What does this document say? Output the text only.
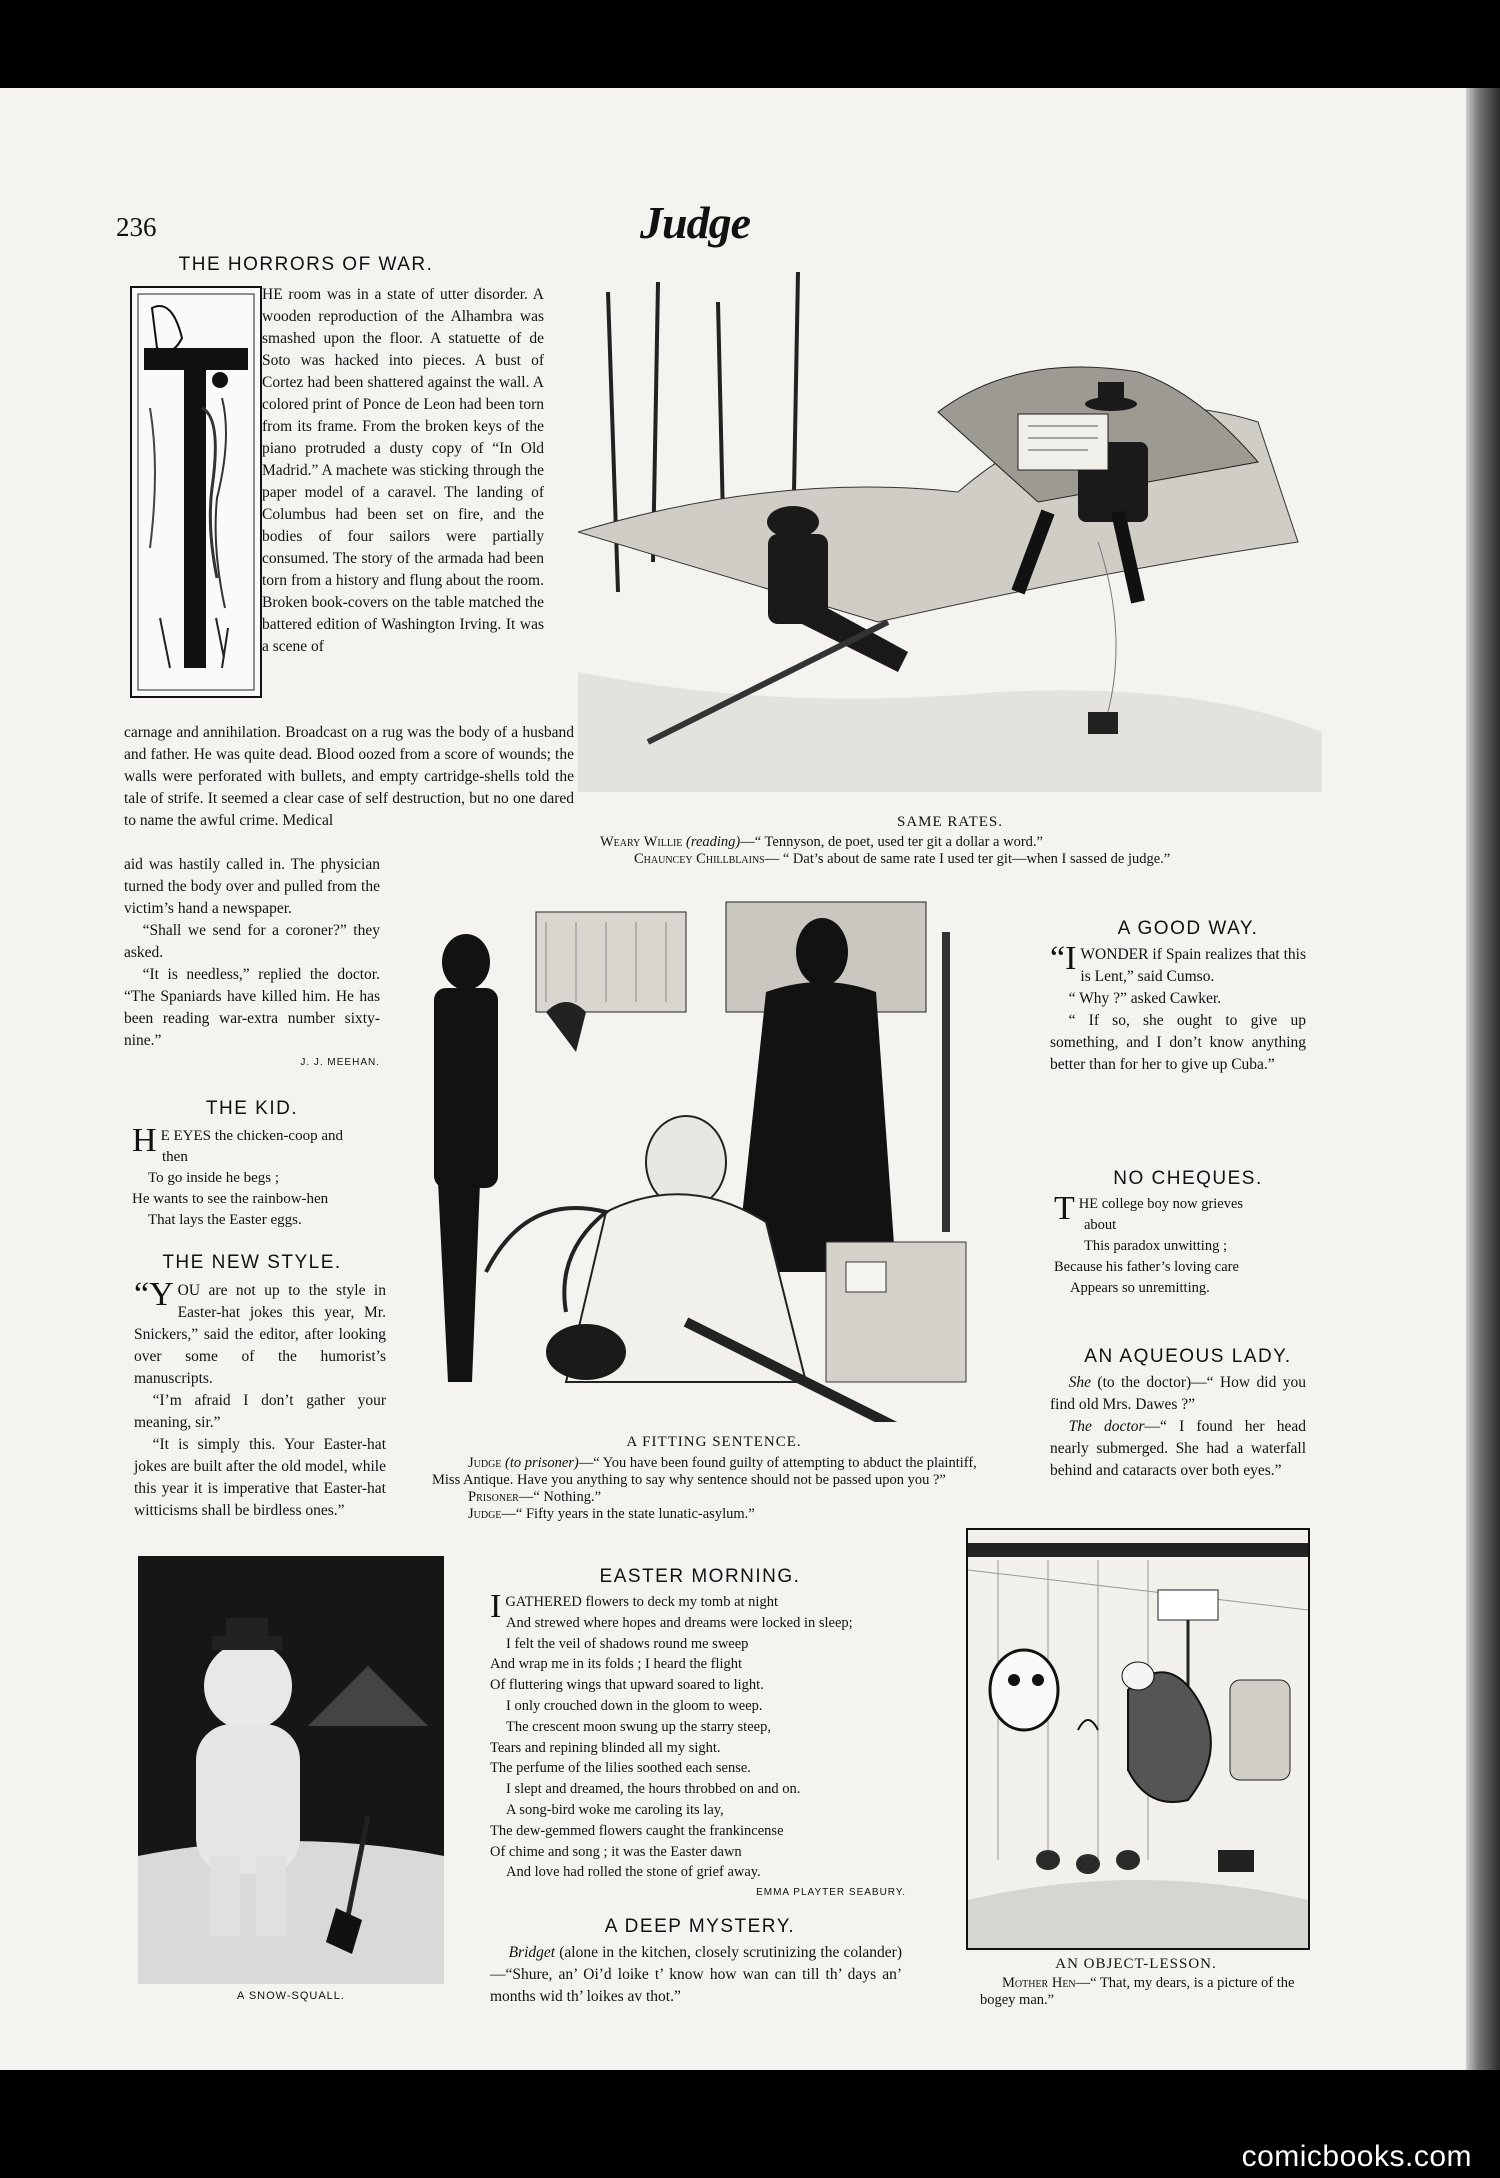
236	Judge
THE HORRORS OF WAR.

HE room was in a state of utter disorder. A wooden reproduction of the Alhambra was smashed upon the floor. A statuette of de Soto was hacked into pieces. A bust of Cortez had been shattered against the wall. A colored print of Ponce de Leon had been torn from its frame. From the broken keys of the piano protruded a dusty copy of “In Old Madrid.” A machete was sticking through the paper model of a caravel. The landing of Columbus had been set on fire, and the bodies of four sailors were partially consumed. The story of the armada had been torn from a history and flung about the room. Broken book-covers on the table matched the battered edition of Washington Irving. It was a scene of

carnage and annihilation. Broadcast on a rug was the body of a husband and father. He was quite dead. Blood oozed from a score of wounds; the walls were perforated with bullets, and empty cartridge-shells told the tale of strife. It seemed a clear case of self destruction, but no one dared to name the awful crime. Medical

aid was hastily called in. The physician turned the body over and pulled from the victim’s hand a newspaper.

“Shall we send for a coroner?” they asked.

“It is needless,” replied the doctor. “The Spaniards have killed him. He has been reading war-extra number sixty-nine.”

J. J. MEEHAN.
THE KID.
H E EYES the chicken-coop and
then
To go inside he begs ;
He wants to see the rainbow-hen
That lays the Easter eggs.
THE NEW STYLE.

“YOU are not up to the style in Easter-hat jokes this year, Mr. Snickers,” said the editor, after looking over some of the humorist’s manuscripts.

“I’m afraid I don’t gather your meaning, sir.”

“It is simply this. Your Easter-hat jokes are built after the old model, while this year it is imperative that Easter-hat witticisms shall be birdless ones.”

SAME RATES.
Weary Willie (reading)—“ Tennyson, de poet, used ter git a dollar a word.”
Chauncey Chillblains— “ Dat’s about de same rate I used ter git—when I sassed de judge.”
A FITTING SENTENCE.
Judge (to prisoner)—“ You have been found guilty of attempting to abduct the plaintiff, Miss Antique. Have you anything to say why sentence should not be passed upon you ?”
Prisoner—“ Nothing.”
Judge—“ Fifty years in the state lunatic-asylum.”
A GOOD WAY.

“IWONDER if Spain realizes that this is Lent,” said Cumso.

“ Why ?” asked Cawker.

“ If so, she ought to give up something, and I don’t know anything better than for her to give up Cuba.”

NO CHEQUES.
THE college boy now grieves
about
This paradox unwitting ;
Because his father’s loving care
Appears so unremitting.
AN AQUEOUS LADY.

She (to the doctor)—“ How did you find old Mrs. Dawes ?”

The doctor—“ I found her head nearly submerged. She had a waterfall behind and cataracts over both eyes.”

A SNOW-SQUALL.
EASTER MORNING.
IGATHERED flowers to deck my tomb at night
And strewed where hopes and dreams were locked in sleep;
I felt the veil of shadows round me sweep
And wrap me in its folds ; I heard the flight
Of fluttering wings that upward soared to light.
I only crouched down in the gloom to weep.
The crescent moon swung up the starry steep,
Tears and repining blinded all my sight.
The perfume of the lilies soothed each sense.
I slept and dreamed, the hours throbbed on and on.
A song-bird woke me caroling its lay,
The dew-gemmed flowers caught the frankincense
Of chime and song ; it was the Easter dawn
And love had rolled the stone of grief away.
EMMA PLAYTER SEABURY.
A DEEP MYSTERY.

Bridget (alone in the kitchen, closely scrutinizing the colander)—“Shure, an’ Oi’d loike t’ know how wan can till th’ days an’ months wid th’ loikes av thot.”

AN OBJECT-LESSON.
Mother Hen—“ That, my dears, is a picture of the bogey man.”
comicbooks.com
